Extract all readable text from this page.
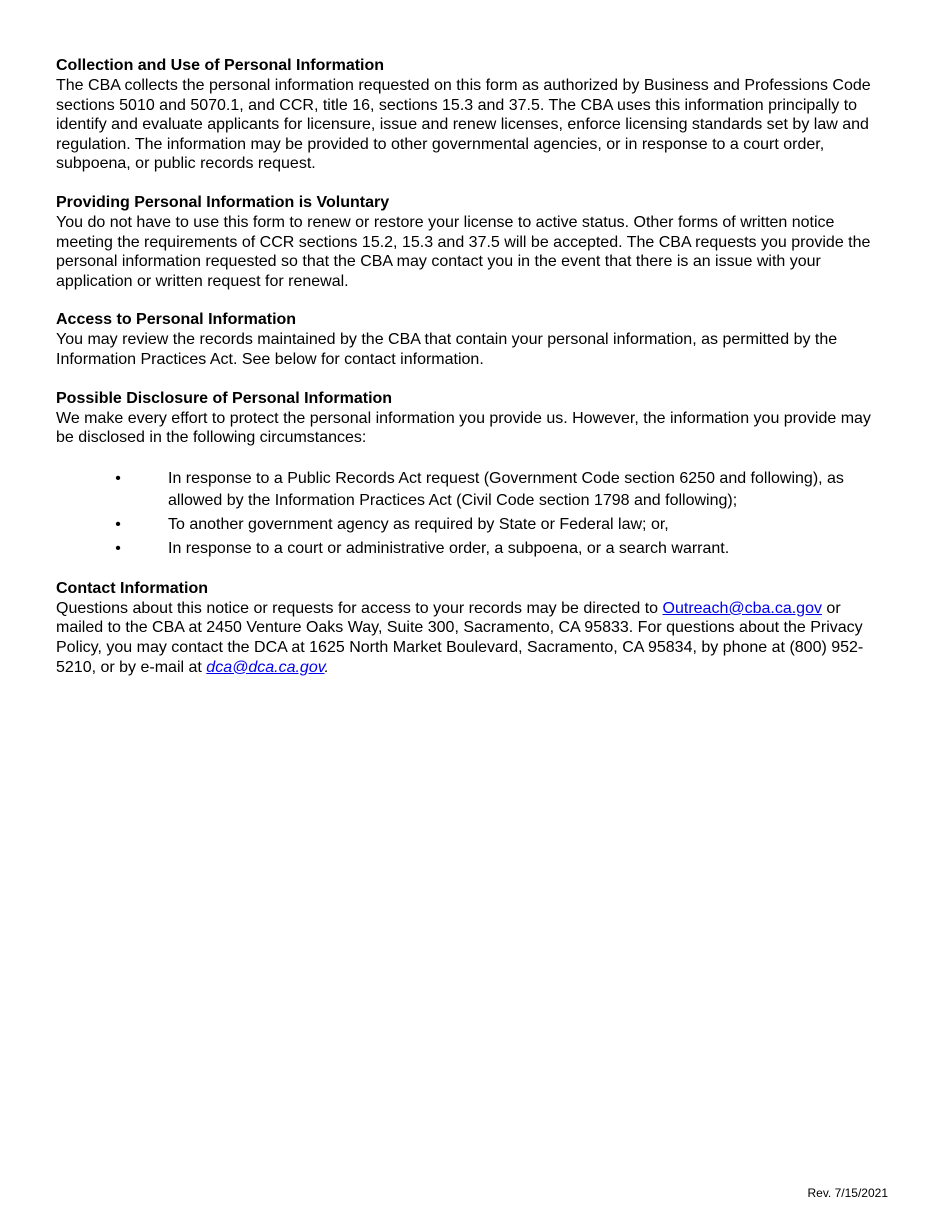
Collection and Use of Personal Information

The CBA collects the personal information requested on this form as authorized by Business and Professions Code sections 5010 and 5070.1, and CCR, title 16, sections 15.3 and 37.5. The CBA uses this information principally to identify and evaluate applicants for licensure, issue and renew licenses, enforce licensing standards set by law and regulation. The information may be provided to other governmental agencies, or in response to a court order, subpoena, or public records request.

Providing Personal Information is Voluntary

You do not have to use this form to renew or restore your license to active status. Other forms of written notice meeting the requirements of CCR sections 15.2, 15.3 and 37.5 will be accepted. The CBA requests you provide the personal information requested so that the CBA may contact you in the event that there is an issue with your application or written request for renewal.

Access to Personal Information

You may review the records maintained by the CBA that contain your personal information, as permitted by the Information Practices Act. See below for contact information.

Possible Disclosure of Personal Information

We make every effort to protect the personal information you provide us. However, the information you provide may be disclosed in the following circumstances:

•	In response to a Public Records Act request (Government Code section 6250 and following), as allowed by the Information Practices Act (Civil Code section 1798 and following);
•	To another government agency as required by State or Federal law; or,
•	In response to a court or administrative order, a subpoena, or a search warrant.

Contact Information

Questions about this notice or requests for access to your records may be directed to Outreach@cba.ca.gov or mailed to the CBA at 2450 Venture Oaks Way, Suite 300, Sacramento, CA 95833. For questions about the Privacy Policy, you may contact the DCA at 1625 North Market Boulevard, Sacramento, CA 95834, by phone at (800) 952-5210, or by e-mail at dca@dca.ca.gov.

Rev. 7/15/2021
